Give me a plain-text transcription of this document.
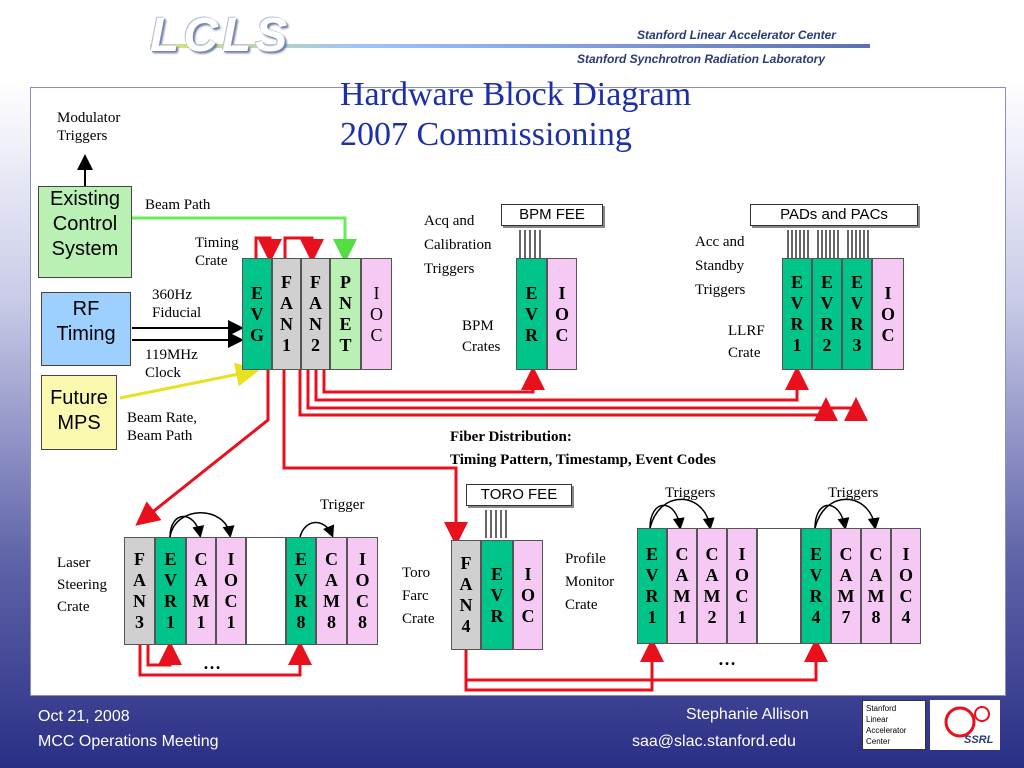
LCLS	Stanford Linear Accelerator Center
Stanford Synchrotron Radiation Laboratory
Hardware Block Diagram
2007 Commissioning
Existing
Control
System
RF
Timing
Future
MPS
Modulator
Triggers
Beam Path
Timing
Crate
360Hz
Fiducial
119MHz
Clock
Beam Rate,
Beam Path
Acq and
Calibration
Triggers
BPM
Crates
Acc and
Standby
Triggers
LLRF
Crate
Fiber Distribution:
Timing Pattern, Timestamp, Event Codes
Trigger
Triggers	Triggers
Laser
Steering
Crate
Toro
Farc
Crate
Profile
Monitor
Crate
…	…
BPM FEE	PADs and PACs
TORO FEE
E
V
G
F
A
N
1
F
A
N
2
P
N
E
T
I
O
C
E
V
R
I
O
C
E
V
R
1
E
V
R
2
E
V
R
3
I
O
C
F
A
N
3
E
V
R
1
C
A
M
1
I
O
C
1
E
V
R
8
C
A
M
8
I
O
C
8
F
A
N
4
E
V
R
I
O
C
E
V
R
1
C
A
M
1
C
A
M
2
I
O
C
1
E
V
R
4
C
A
M
7
C
A
M
8
I
O
C
4
Oct 21, 2008
MCC Operations Meeting
Stephanie Allison
saa@slac.stanford.edu
Stanford
Linear
Accelerator
Center	SSRL
